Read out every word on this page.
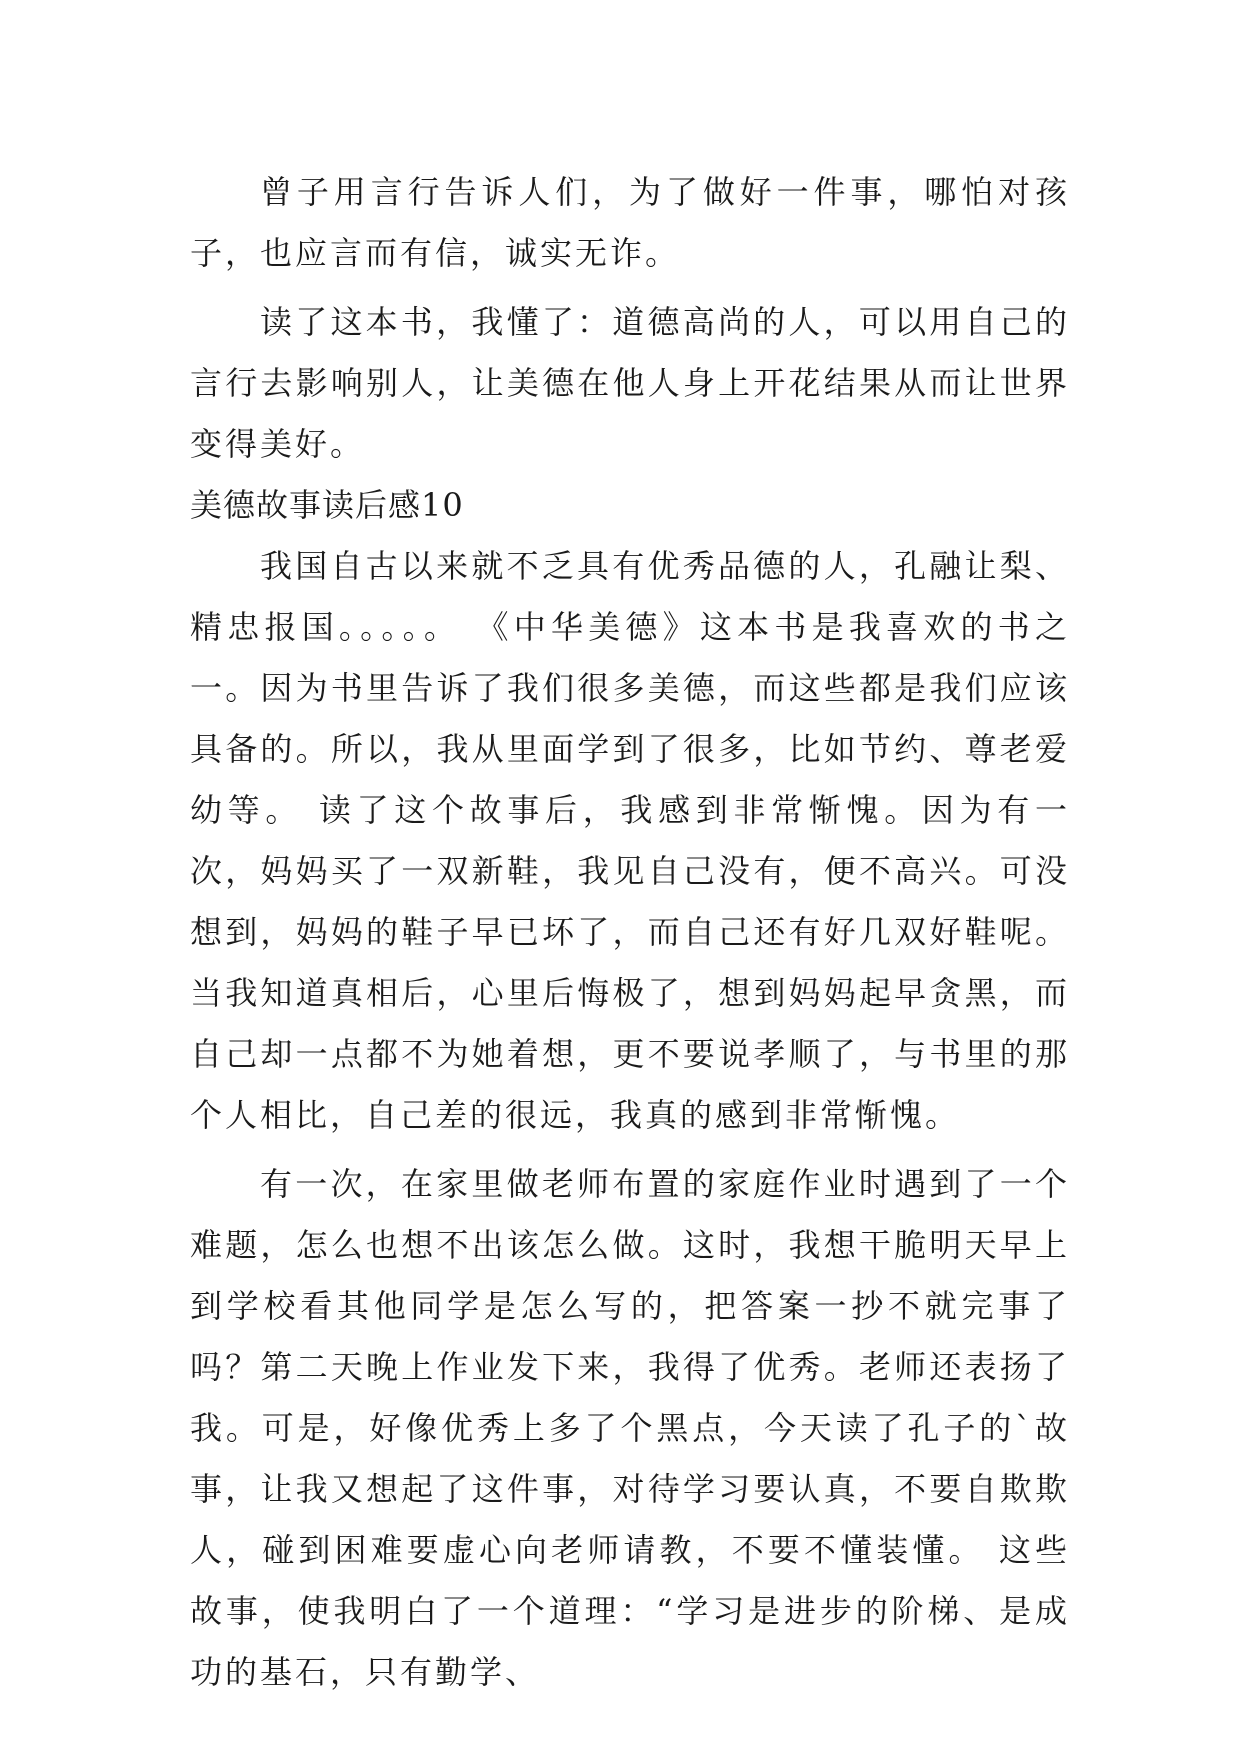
曾子用言行告诉人们，为了做好一件事，哪怕对孩子，也应言而有信，诚实无诈。

读了这本书，我懂了：道德高尚的人，可以用自己的言行去影响别人，让美德在他人身上开花结果从而让世界变得美好。

美德故事读后感10

我国自古以来就不乏具有优秀品德的人，孔融让梨、精忠报国。。。。。 《中华美德》这本书是我喜欢的书之一。因为书里告诉了我们很多美德，而这些都是我们应该具备的。所以，我从里面学到了很多，比如节约、尊老爱幼等。 读了这个故事后，我感到非常惭愧。因为有一次，妈妈买了一双新鞋，我见自己没有，便不高兴。可没想到，妈妈的鞋子早已坏了，而自己还有好几双好鞋呢。当我知道真相后，心里后悔极了，想到妈妈起早贪黑，而自己却一点都不为她着想，更不要说孝顺了，与书里的那个人相比，自己差的很远，我真的感到非常惭愧。

有一次，在家里做老师布置的家庭作业时遇到了一个难题，怎么也想不出该怎么做。这时，我想干脆明天早上到学校看其他同学是怎么写的，把答案一抄不就完事了吗？第二天晚上作业发下来，我得了优秀。老师还表扬了我。可是，好像优秀上多了个黑点，今天读了孔子的`故事，让我又想起了这件事，对待学习要认真，不要自欺欺人，碰到困难要虚心向老师请教，不要不懂装懂。 这些故事，使我明白了一个道理：“学习是进步的阶梯、是成功的基石，只有勤学、
